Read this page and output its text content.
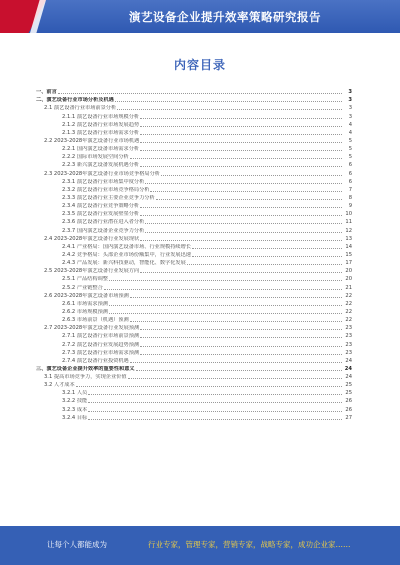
演艺设备企业提升效率策略研究报告
内容目录
一、前言	3
二、演艺设备行业市场分析及机遇	3
2.1 演艺设备行业市场前景分析	3
2.1.1 演艺设备行业市场规模分析	3
2.1.2 演艺设备行业市场发展趋势	4
2.1.3 演艺设备行业市场需求分析	4
2.2 2023-2028年演艺设备行业市场机遇	5
2.2.1 国内演艺设备市场需求分析	5
2.2.2 国际市场发展空间分析	5
2.2.3 新兴演艺设备发展机遇分析	6
2.3 2023-2028年演艺设备行业市场竞争格局分析	6
2.3.1 演艺设备行业市场集中度分析	6
2.3.2 演艺设备行业市场竞争格局分析	7
2.3.3 演艺设备行业主要企业竞争力分析	8
2.3.4 演艺设备行业竞争策略分析	9
2.3.5 演艺设备行业发展壁垒分析	10
2.3.6 演艺设备行业潜在进入者分析	11
2.3.7 国内演艺设备企业竞争力分析	12
2.4 2023-2028年演艺设备行业发展现状	13
2.4.1 产业格局：国内演艺设备市场、行业规模持续增长	14
2.4.2 竞争格局：头部企业市场份额集中，行业发展迅速	15
2.4.3 产品发展：新兴科技驱动，智能化、数字化发展	17
2.5 2023-2028年演艺设备行业发展方向	20
2.5.1 产品结构调整	20
2.5.2 产业链整合	21
2.6 2023-2028年演艺设备市场预测	22
2.6.1 市场需求预测	22
2.6.2 市场规模预测	22
2.6.3 市场前景（机遇）预测	22
2.7 2023-2028年演艺设备行业发展预测	23
2.7.1 演艺设备行业市场前景预测	23
2.7.2 演艺设备行业发展趋势预测	23
2.7.3 演艺设备行业市场需求预测	23
2.7.4 演艺设备行业投资机遇	24
三、演艺设备企业提升效率的重要性和意义	24
3.1 提高市场竞争力，实现企业价值	24
3.2 人才成本	25
3.2.1 人员	25
3.2.2 技能	26
3.2.3 成本	26
3.2.4 目标	27
让每个人都能成为	行业专家，管理专家，营销专家，战略专家，成功企业家……
